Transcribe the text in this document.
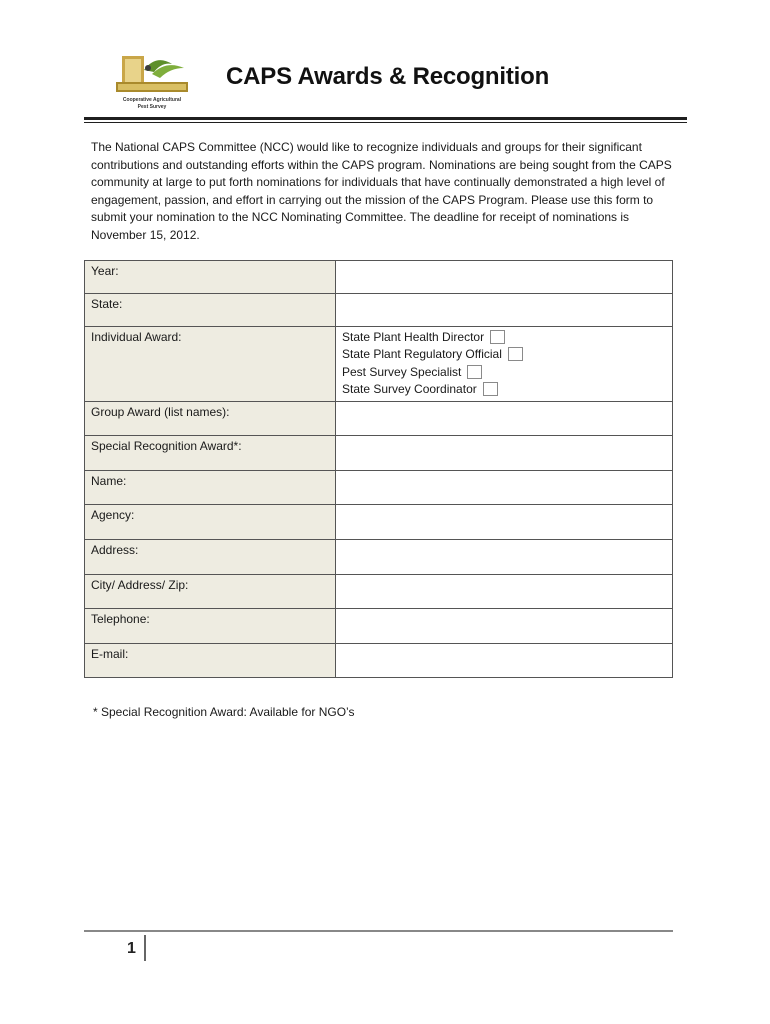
Cooperative Agricultural
Pest Survey
CAPS Awards & Recognition
The National CAPS Committee (NCC) would like to recognize individuals and groups for their significant contributions and outstanding efforts within the CAPS program. Nominations are being sought from the CAPS community at large to put forth nominations for individuals that have continually demonstrated a high level of engagement, passion, and effort in carrying out the mission of the CAPS Program. Please use this form to submit your nomination to the NCC Nominating Committee. The deadline for receipt of nominations is November 15, 2012.
Year:	
State:	
Individual Award:	State Plant Health Director
State Plant Regulatory Official
Pest Survey Specialist
State Survey Coordinator

Group Award (list names):	
Special Recognition Award*:	
Name:	
Agency:	
Address:	
City/ Address/ Zip:	
Telephone:	
E-mail:	
* Special Recognition Award: Available for NGO’s
1
